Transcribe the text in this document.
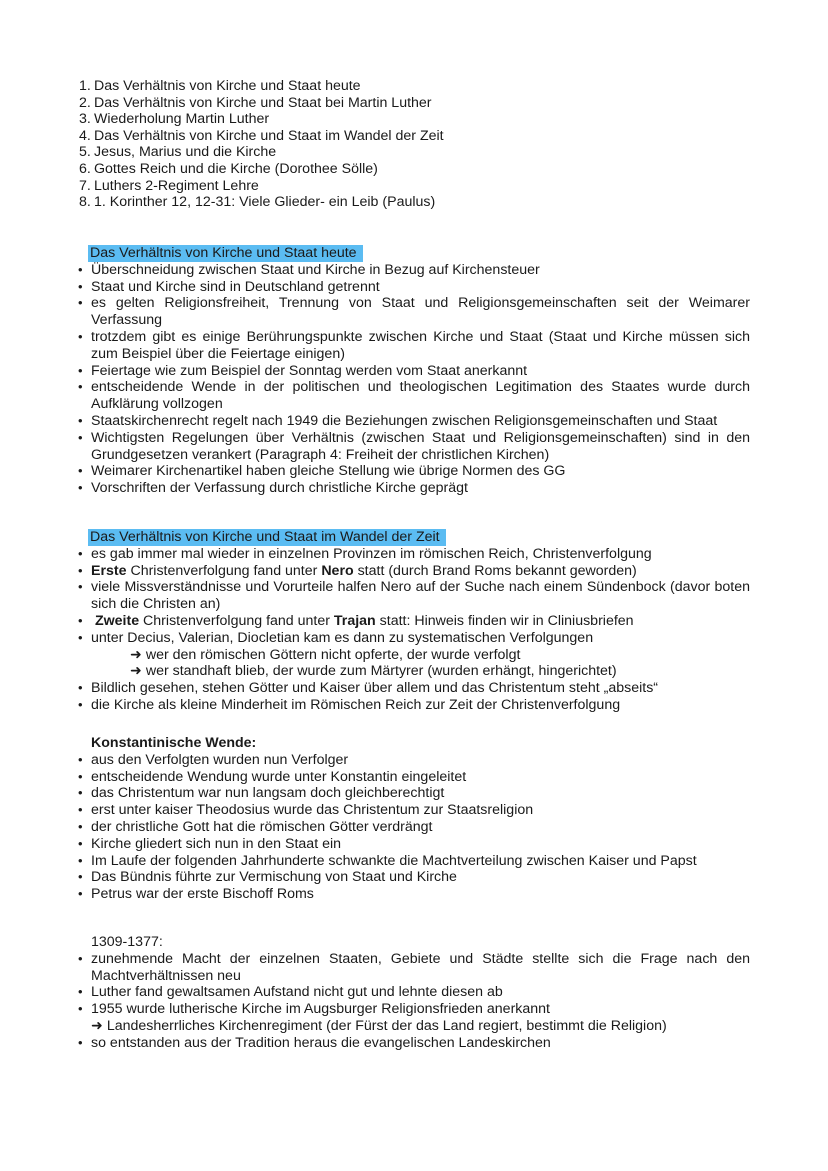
1. Das Verhältnis von Kirche und Staat heute
2. Das Verhältnis von Kirche und Staat bei Martin Luther
3. Wiederholung Martin Luther
4. Das Verhältnis von Kirche und Staat im Wandel der Zeit
5. Jesus, Marius und die Kirche
6. Gottes Reich und die Kirche (Dorothee Sölle)
7. Luthers 2-Regiment Lehre
8. 1. Korinther 12, 12-31: Viele Glieder- ein Leib (Paulus)
Das Verhältnis von Kirche und Staat heute
• Überschneidung zwischen Staat und Kirche in Bezug auf Kirchensteuer
• Staat und Kirche sind in Deutschland getrennt
• es gelten Religionsfreiheit, Trennung von Staat und Religionsgemeinschaften seit der Weimarer Verfassung
• trotzdem gibt es einige Berührungspunkte zwischen Kirche und Staat (Staat und Kirche müssen sich zum Beispiel über die Feiertage einigen)
• Feiertage wie zum Beispiel der Sonntag werden vom Staat anerkannt
• entscheidende Wende in der politischen und theologischen Legitimation des Staates wurde durch Aufklärung vollzogen
• Staatskirchenrecht regelt nach 1949 die Beziehungen zwischen Religionsgemeinschaften und Staat
• Wichtigsten Regelungen über Verhältnis (zwischen Staat und Religionsgemeinschaften) sind in den Grundgesetzen verankert (Paragraph 4: Freiheit der christlichen Kirchen)
• Weimarer Kirchenartikel haben gleiche Stellung wie übrige Normen des GG
• Vorschriften der Verfassung durch christliche Kirche geprägt
Das Verhältnis von Kirche und Staat im Wandel der Zeit
• es gab immer mal wieder in einzelnen Provinzen im römischen Reich, Christenverfolgung
• Erste Christenverfolgung fand unter Nero statt (durch Brand Roms bekannt geworden)
• viele Missverständnisse und Vorurteile halfen Nero auf der Suche nach einem Sündenbock (davor boten sich die Christen an)
• Zweite Christenverfolgung fand unter Trajan statt: Hinweis finden wir in Cliniusbriefen
• unter Decius, Valerian, Diocletian kam es dann zu systematischen Verfolgungen
➜ wer den römischen Göttern nicht opferte, der wurde verfolgt
➜ wer standhaft blieb, der wurde zum Märtyrer (wurden erhängt, hingerichtet)
• Bildlich gesehen, stehen Götter und Kaiser über allem und das Christentum steht „abseits“
• die Kirche als kleine Minderheit im Römischen Reich zur Zeit der Christenverfolgung
Konstantinische Wende:
• aus den Verfolgten wurden nun Verfolger
• entscheidende Wendung wurde unter Konstantin eingeleitet
• das Christentum war nun langsam doch gleichberechtigt
• erst unter kaiser Theodosius wurde das Christentum zur Staatsreligion
• der christliche Gott hat die römischen Götter verdrängt
• Kirche gliedert sich nun in den Staat ein
• Im Laufe der folgenden Jahrhunderte schwankte die Machtverteilung zwischen Kaiser und Papst
• Das Bündnis führte zur Vermischung von Staat und Kirche
• Petrus war der erste Bischoff Roms
1309-1377:
• zunehmende Macht der einzelnen Staaten, Gebiete und Städte stellte sich die Frage nach den Machtverhältnissen neu
• Luther fand gewaltsamen Aufstand nicht gut und lehnte diesen ab
• 1955 wurde lutherische Kirche im Augsburger Religionsfrieden anerkannt
➜ Landesherrliches Kirchenregiment (der Fürst der das Land regiert, bestimmt die Religion)
• so entstanden aus der Tradition heraus die evangelischen Landeskirchen
